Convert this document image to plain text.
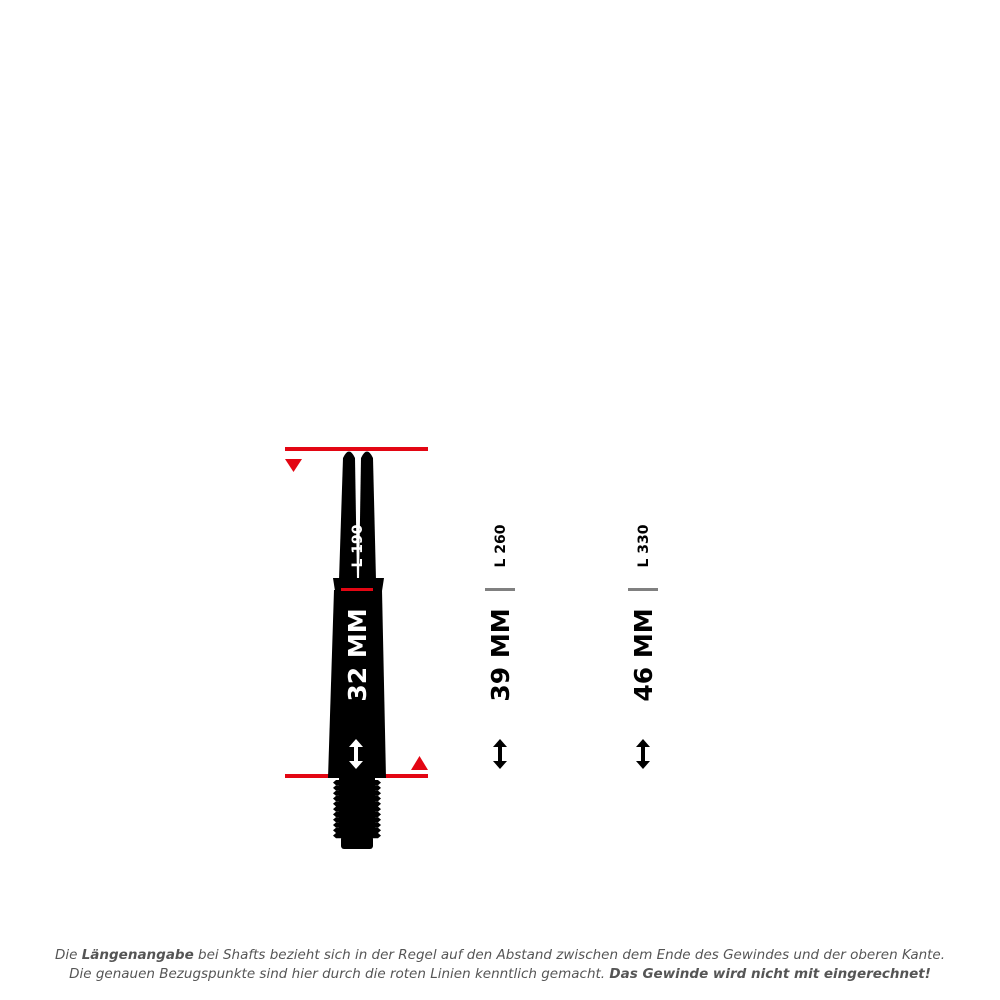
L 190	L 260	L 330
32 MM	39 MM	46 MM
Die Längenangabe bei Shafts bezieht sich in der Regel auf den Abstand zwischen dem Ende des Gewindes und der oberen Kante.
Die genauen Bezugspunkte sind hier durch die roten Linien kenntlich gemacht. Das Gewinde wird nicht mit eingerechnet!
